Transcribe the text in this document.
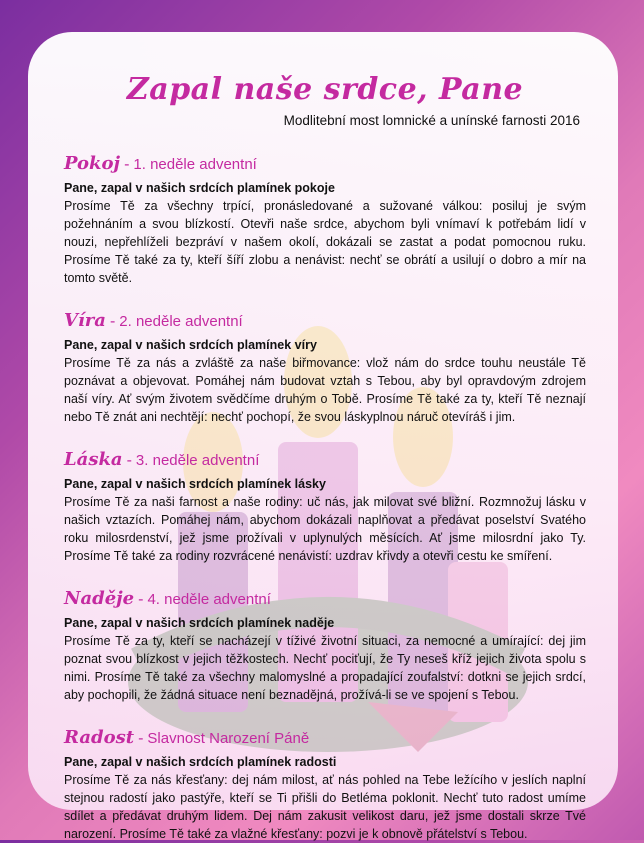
Zapal naše srdce, Pane
Modlitební most lomnické a unínské farnosti 2016
Pokoj - 1. neděle adventní
Pane, zapal v našich srdcích plamínek pokoje
Prosíme Tě za všechny trpící, pronásledované a sužované válkou: posiluj je svým požehnáním a svou blízkostí. Otevři naše srdce, abychom byli vnímaví k potřebám lidí v nouzi, nepřehlíželi bezpráví v našem okolí, dokázali se zastat a podat pomocnou ruku. Prosíme Tě také za ty, kteří šíří zlobu a nenávist: nechť se obrátí a usilují o dobro a mír na tomto světě.
Víra - 2. neděle adventní
Pane, zapal v našich srdcích plamínek víry
Prosíme Tě za nás a zvláště za naše biřmovance: vlož nám do srdce touhu neustále Tě poznávat a objevovat. Pomáhej nám budovat vztah s Tebou, aby byl opravdovým zdrojem naší víry. Ať svým životem svědčíme druhým o Tobě. Prosíme Tě také za ty, kteří Tě neznají nebo Tě znát ani nechtějí: nechť pochopí, že svou láskyplnou náruč otevíráš i jim.
Láska - 3. neděle adventní
Pane, zapal v našich srdcích plamínek lásky
Prosíme Tě za naši farnost a naše rodiny: uč nás, jak milovat své bližní. Rozmnožuj lásku v našich vztazích. Pomáhej nám, abychom dokázali naplňovat a předávat poselství Svatého roku milosrdenství, jež jsme prožívali v uplynulých měsících. Ať jsme milosrdní jako Ty. Prosíme Tě také za rodiny rozvrácené nenávistí: uzdrav křivdy a otevři cestu ke smíření.
Naděje - 4. neděle adventní
Pane, zapal v našich srdcích plamínek naděje
Prosíme Tě za ty, kteří se nacházejí v tíživé životní situaci, za nemocné a umírající: dej jim poznat svou blízkost v jejich těžkostech. Nechť pociťují, že Ty neseš kříž jejich života spolu s nimi. Prosíme Tě také za všechny malomyslné a propadající zoufalství: dotkni se jejich srdcí, aby pochopili, že žádná situace není beznadějná, prožívá-li se ve spojení s Tebou.
Radost - Slavnost Narození Páně
Pane, zapal v našich srdcích plamínek radosti
Prosíme Tě za nás křesťany: dej nám milost, ať nás pohled na Tebe ležícího v jeslích naplní stejnou radostí jako pastýře, kteří se Ti přišli do Betléma poklonit. Nechť tuto radost umíme sdílet a předávat druhým lidem. Dej nám zakusit velikost daru, jež jsme dostali skrze Tvé narození. Prosíme Tě také za vlažné křesťany: pozvi je k obnově přátelství s Tebou.
